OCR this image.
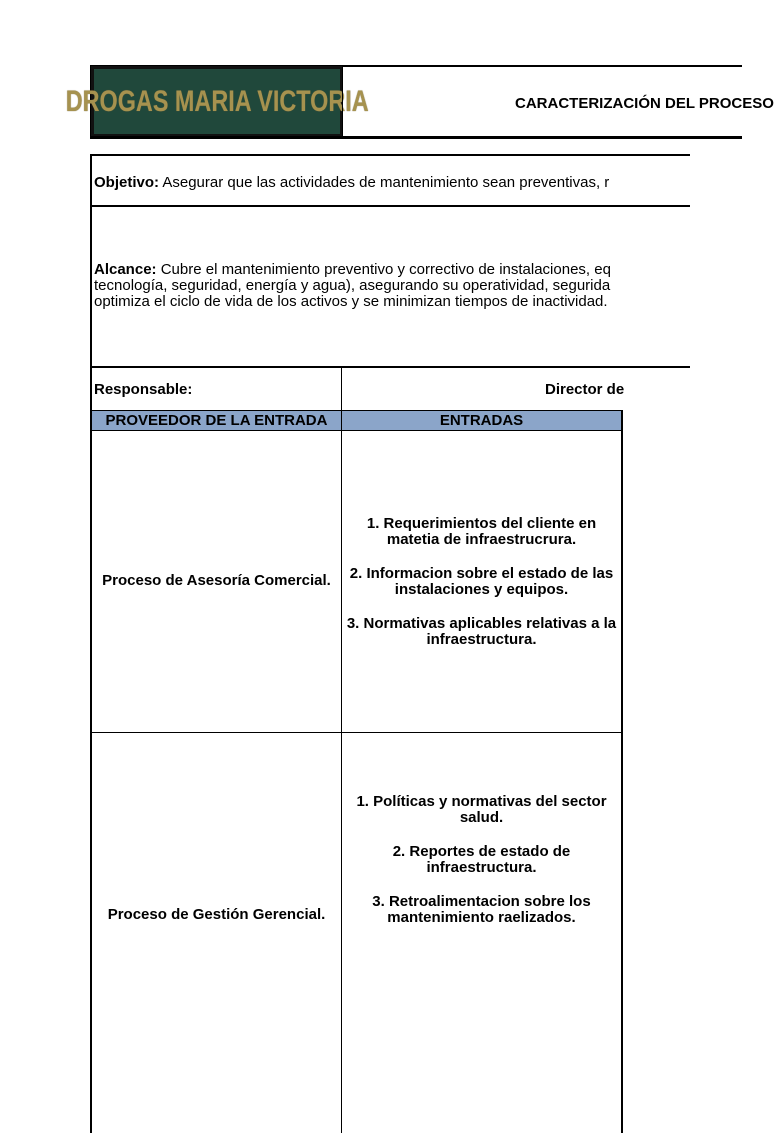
DROGAS MARIA VICTORIA	CARACTERIZACIÓN DEL PROCESO
Objetivo: Asegurar que las actividades de mantenimiento sean preventivas, r
Alcance: Cubre el mantenimiento preventivo y correctivo de instalaciones, eq
tecnología, seguridad, energía y agua), asegurando su operatividad, segurida
optimiza el ciclo de vida de los activos y se minimizan tiempos de inactividad.
Responsable:	Director de
PROVEEDOR DE LA ENTRADA	ENTRADAS
Proceso de Asesoría Comercial.
1. Requerimientos del cliente en
matetia de infraestrucrura.
2. Informacion sobre el estado de las
instalaciones y equipos.
3. Normativas aplicables relativas a la
infraestructura.
Proceso de Gestión Gerencial.
1. Políticas y normativas del sector
salud.
2. Reportes de estado de
infraestructura.
3. Retroalimentacion sobre los
mantenimiento raelizados.
